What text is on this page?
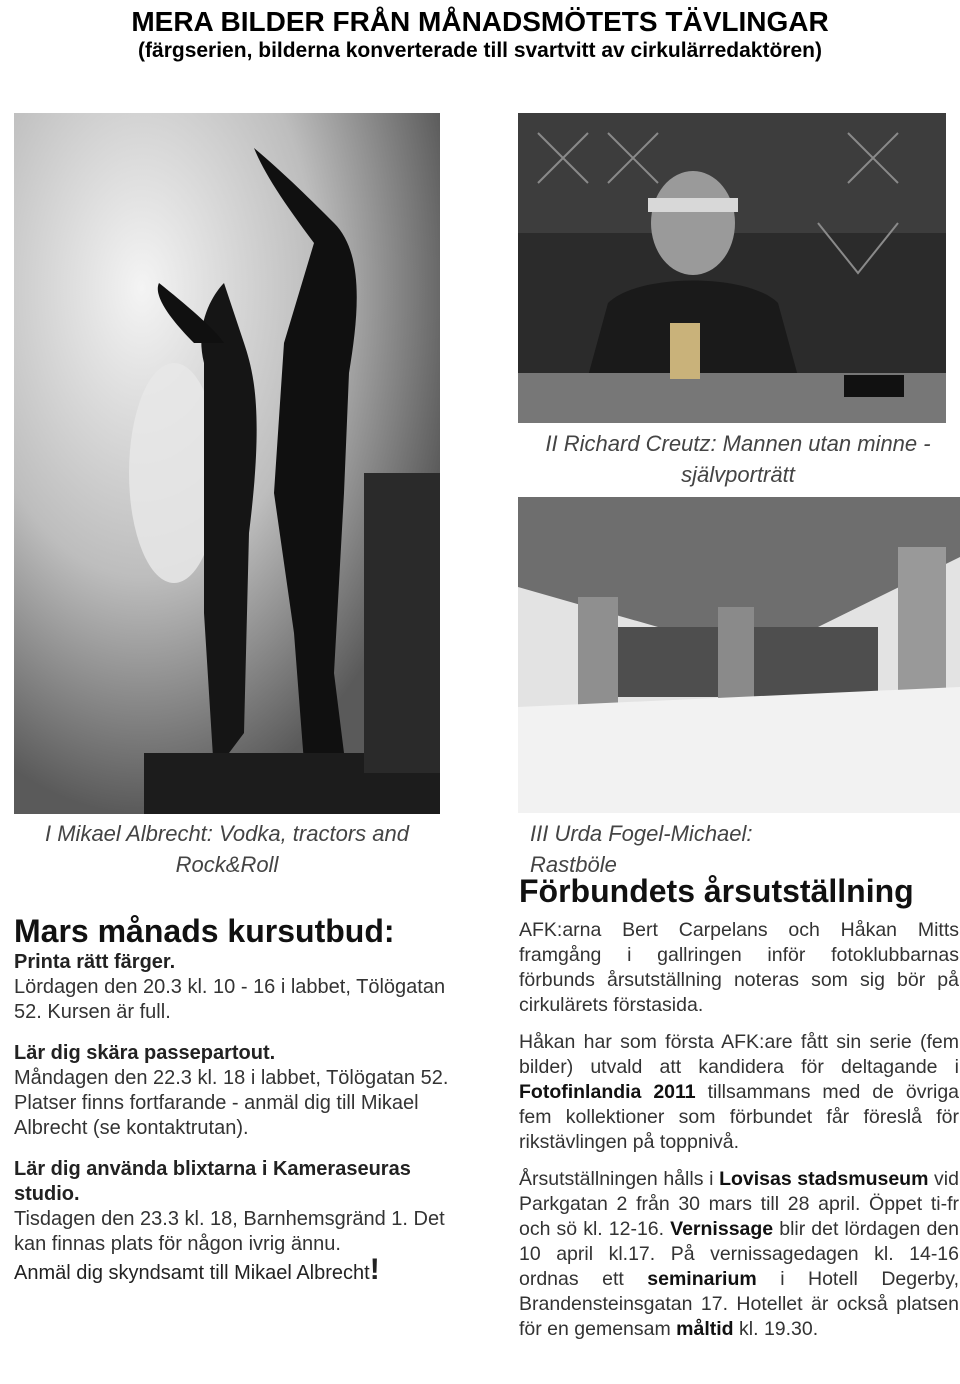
MERA BILDER FRÅN MÅNADSMÖTETS TÄVLINGAR

(färgserien, bilderna konverterade till svartvitt av cirkulärredaktören)

II Richard Creutz: Mannen utan minne - självporträtt
I Mikael Albrecht: Vodka, tractors and Rock&Roll
III Urda Fogel-Michael: Rastböle

Mars månads kursutbud:

Printa rätt färger.

Lördagen den 20.3 kl. 10 - 16 i labbet, Tölögatan 52. Kursen är full.

Lär dig skära passepartout.

Måndagen den 22.3 kl. 18 i labbet, Tölögatan 52. Platser finns fortfarande - anmäl dig till Mikael Albrecht (se kontaktrutan).

Lär dig använda blixtarna i Kameraseuras studio.

Tisdagen den 23.3 kl. 18, Barnhemsgränd 1. Det kan finnas plats för någon ivrig ännu.

Anmäl dig skyndsamt till Mikael Albrecht!

Förbundets årsutställning

AFK:arna Bert Carpelans och Håkan Mitts framgång i gallringen inför fotoklubbarnas förbunds årsutställning noteras som sig bör på cirkulärets förstasida.

Håkan har som första AFK:are fått sin serie (fem bilder) utvald att kandidera för deltagande i Fotofinlandia 2011 tillsammans med de övriga fem kollektioner som förbundet får föreslå för rikstävlingen på toppnivå.

Årsutställningen hålls i Lovisas stadsmuseum vid Parkgatan 2 från 30 mars till 28 april. Öppet ti-fr och sö kl. 12-16. Vernissage blir det lördagen den 10 april kl.17. På vernissagedagen kl. 14-16 ordnas ett seminarium i Hotell Degerby, Brandensteinsgatan 17. Hotellet är också platsen för en gemensam måltid kl. 19.30.
